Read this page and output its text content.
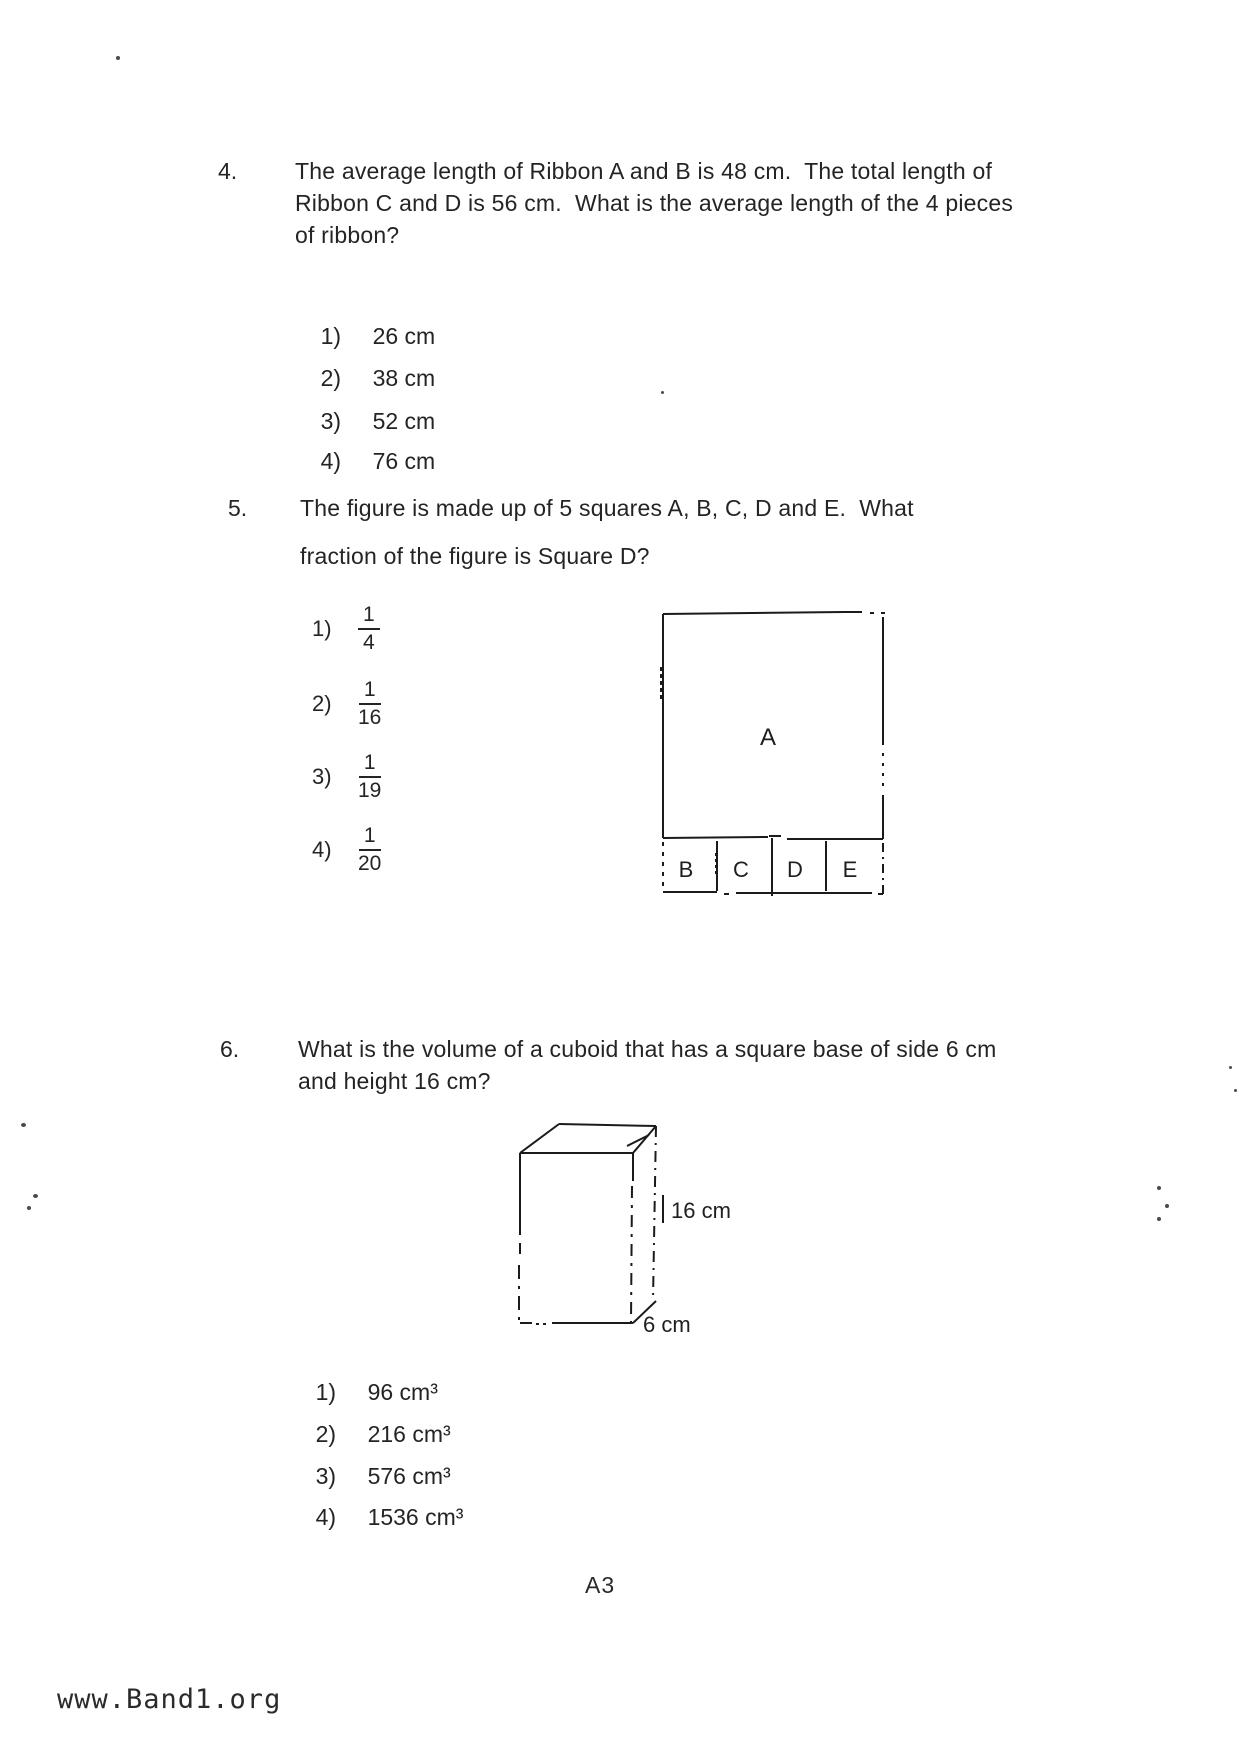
4.	The average length of Ribbon A and B is 48 cm.  The total length of
Ribbon C and D is 56 cm.  What is the average length of the 4 pieces
of ribbon?

1) 26 cm

2) 38 cm

3) 52 cm

4) 76 cm

5. The figure is made up of 5 squares A, B, C, D and E.  What
fraction of the figure is Square D?
$1) \frac{1}{4}$
$2) \frac{1}{16}$
$3) \frac{1}{19}$
$4) \frac{1}{20}$
A
B C D E
6.	What is the volume of a cuboid that has a square base of side 6 cm
and height 16 cm?
16 cm
6 cm

1) 96 cm³

2) 216 cm³

3) 576 cm³

4) 1536 cm³

A3
www.Band1.org
